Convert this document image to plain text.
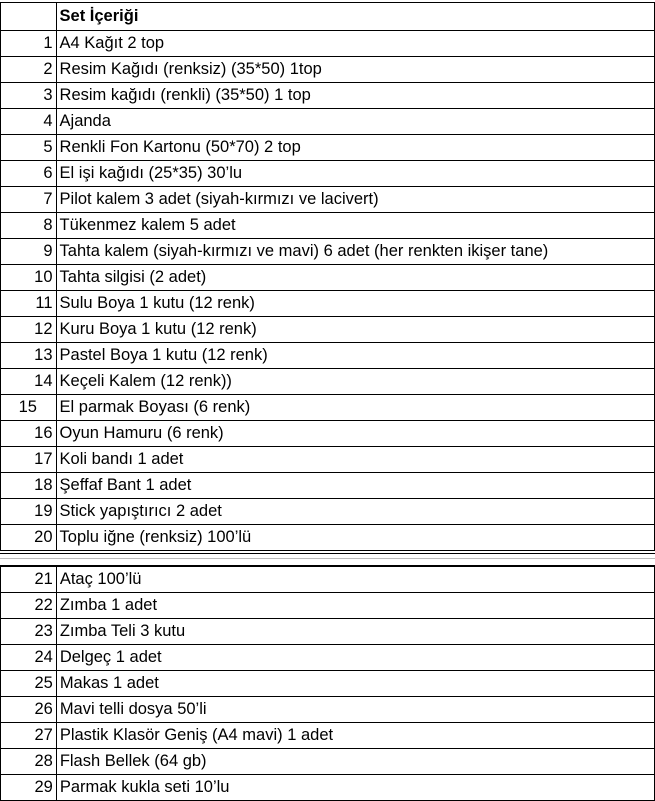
	Set İçeriği
1	A4 Kağıt 2 top
2	Resim Kağıdı (renksiz) (35*50) 1top
3	Resim kağıdı (renkli) (35*50) 1 top
4	Ajanda
5	Renkli Fon Kartonu (50*70) 2 top
6	El işi kağıdı (25*35) 30’lu
7	Pilot kalem 3 adet (siyah-kırmızı ve lacivert)
8	Tükenmez kalem 5 adet
9	Tahta kalem (siyah-kırmızı ve mavi) 6 adet (her renkten ikişer tane)
10	Tahta silgisi (2 adet)
11	Sulu Boya 1 kutu (12 renk)
12	Kuru Boya 1 kutu (12 renk)
13	Pastel Boya 1 kutu (12 renk)
14	Keçeli Kalem (12 renk))
15	El parmak Boyası (6 renk)
16	Oyun Hamuru (6 renk)
17	Koli bandı 1 adet
18	Şeffaf Bant 1 adet
19	Stick yapıştırıcı 2 adet
20	Toplu iğne (renksiz) 100’lü
21	Ataç 100’lü
22	Zımba 1 adet
23	Zımba Teli 3 kutu
24	Delgeç 1 adet
25	Makas 1 adet
26	Mavi telli dosya 50’li
27	Plastik Klasör Geniş (A4 mavi) 1 adet
28	Flash Bellek (64 gb)
29	Parmak kukla seti 10’lu
